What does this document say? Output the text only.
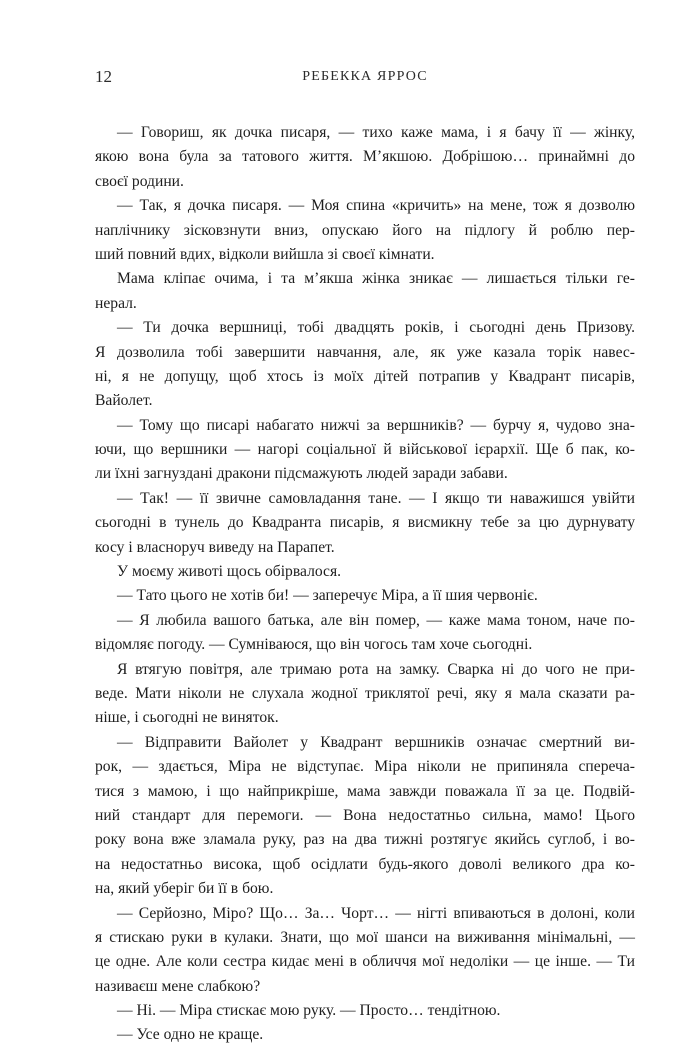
12	РЕБЕККА ЯРРОС
— Говориш, як дочка писаря, — тихо каже мама, і я бачу її — жінку,
якою вона була за татового життя. М’якшою. Добрішою… принаймні до
своєї родини.
— Так, я дочка писаря. — Моя спина «кричить» на мене, тож я дозволю
наплічнику зісковзнути вниз, опускаю його на підлогу й роблю пер-
ший повний вдих, відколи вийшла зі своєї кімнати.
Мама кліпає очима, і та м’якша жінка зникає — лишається тільки ге-
нерал.
— Ти дочка вершниці, тобі двадцять років, і сьогодні день Призову.
Я дозволила тобі завершити навчання, але, як уже казала торік навес-
ні, я не допущу, щоб хтось із моїх дітей потрапив у Квадрант писарів,
Вайолет.
— Тому що писарі набагато нижчі за вершників? — бурчу я, чудово зна-
ючи, що вершники — нагорі соціальної й військової ієрархії. Ще б пак, ко-
ли їхні загнуздані дракони підсмажують людей заради забави.
— Так! — її звичне самовладання тане. — І якщо ти наважишся увійти
сьогодні в тунель до Квадранта писарів, я висмикну тебе за цю дурнувату
косу і власноруч виведу на Парапет.
У моєму животі щось обірвалося.
— Тато цього не хотів би! — заперечує Міра, а її шия червоніє.
— Я любила вашого батька, але він помер, — каже мама тоном, наче по-
відомляє погоду. — Сумніваюся, що він чогось там хоче сьогодні.
Я втягую повітря, але тримаю рота на замку. Сварка ні до чого не при-
веде. Мати ніколи не слухала жодної триклятої речі, яку я мала сказати ра-
ніше, і сьогодні не виняток.
— Відправити Вайолет у Квадрант вершників означає смертний ви-
рок, — здається, Міра не відступає. Міра ніколи не припиняла сперечa-
тися з мамою, і що найприкріше, мама завжди поважала її за це. Подвій-
ний стандарт для перемоги. — Вона недостатньо сильна, мамо! Цього
року вона вже зламала руку, раз на два тижні розтягує якийсь суглоб, і во-
на недостатньо висока, щоб осідлати будь-якого доволі великого дра ко-
на, який уберіг би її в бою.
— Серйозно, Міро? Що… За… Чорт… — нігті впиваються в долоні, коли
я стискаю руки в кулаки. Знати, що мої шанси на виживання мінімальні, —
це одне. Але коли сестра кидає мені в обличчя мої недоліки — це інше. — Ти
називаєш мене слабкою?
— Ні. — Міра стискає мою руку. — Просто… тендітною.
— Усе одно не краще.
